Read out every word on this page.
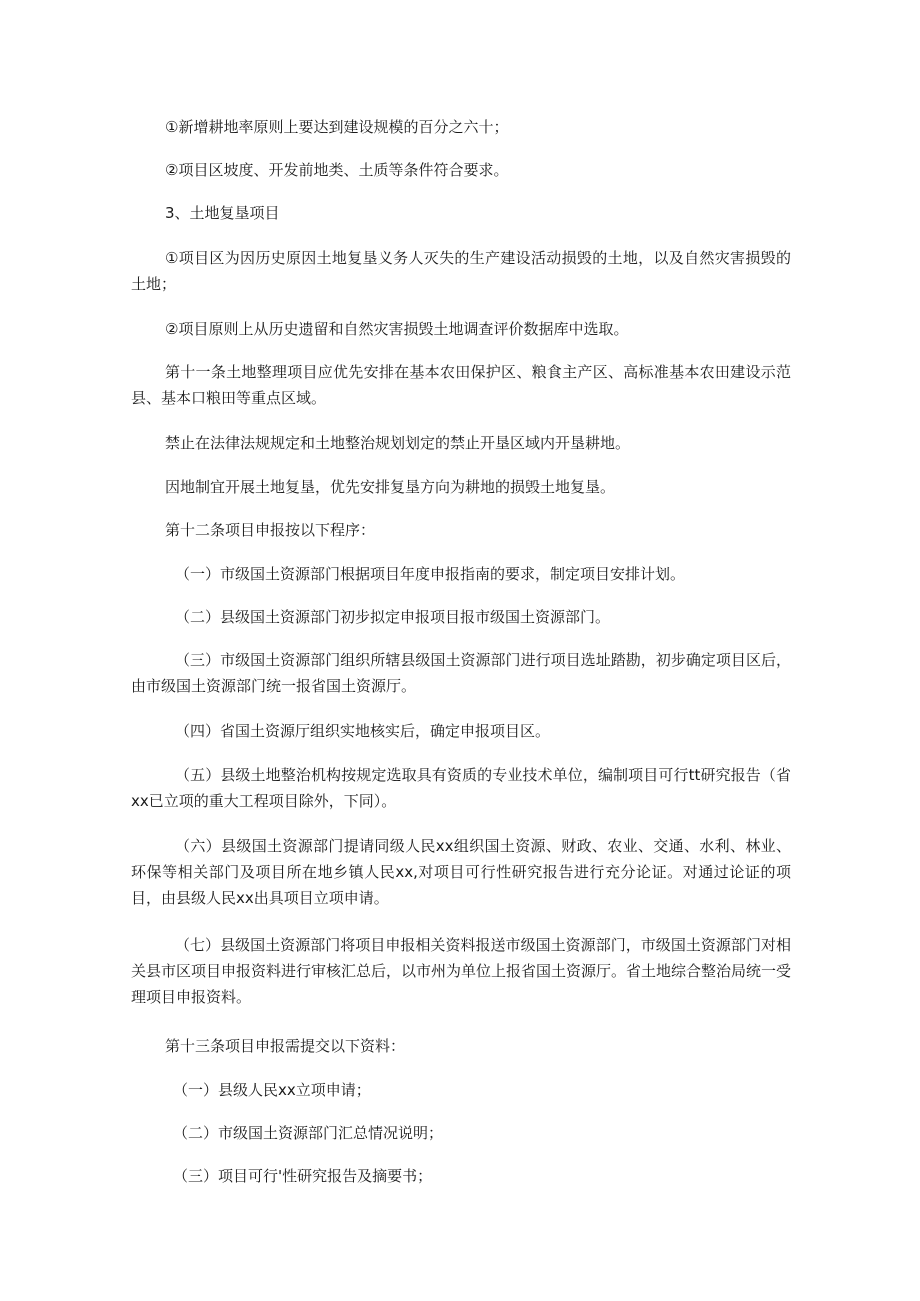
①新增耕地率原则上要达到建设规模的百分之六十；

②项目区坡度、开发前地类、土质等条件符合要求。

3、土地复垦项目

①项目区为因历史原因土地复垦义务人灭失的生产建设活动损毁的土地，以及自然灾害损毁的土地；

②项目原则上从历史遗留和自然灾害损毁土地调查评价数据库中选取。

第十一条土地整理项目应优先安排在基本农田保护区、粮食主产区、高标准基本农田建设示范县、基本口粮田等重点区域。

禁止在法律法规规定和土地整治规划划定的禁止开垦区域内开垦耕地。

因地制宜开展土地复垦，优先安排复垦方向为耕地的损毁土地复垦。

第十二条项目申报按以下程序：

（一）市级国土资源部门根据项目年度申报指南的要求，制定项目安排计划。

（二）县级国土资源部门初步拟定申报项目报市级国土资源部门。

（三）市级国土资源部门组织所辖县级国土资源部门进行项目选址踏勘，初步确定项目区后，由市级国土资源部门统一报省国土资源厅。

（四）省国土资源厅组织实地核实后，确定申报项目区。

（五）县级土地整治机构按规定选取具有资质的专业技术单位，编制项目可行tt研究报告（省xx已立项的重大工程项目除外，下同）。

（六）县级国土资源部门提请同级人民xx组织国土资源、财政、农业、交通、水利、林业、环保等相关部门及项目所在地乡镇人民xx,对项目可行性研究报告进行充分论证。对通过论证的项目，由县级人民xx出具项目立项申请。

（七）县级国土资源部门将项目申报相关资料报送市级国土资源部门，市级国土资源部门对相关县市区项目申报资料进行审核汇总后，以市州为单位上报省国土资源厅。省土地综合整治局统一受理项目申报资料。

第十三条项目申报需提交以下资料：

（一）县级人民xx立项申请；

（二）市级国土资源部门汇总情况说明；

（三）项目可行'性研究报告及摘要书；
